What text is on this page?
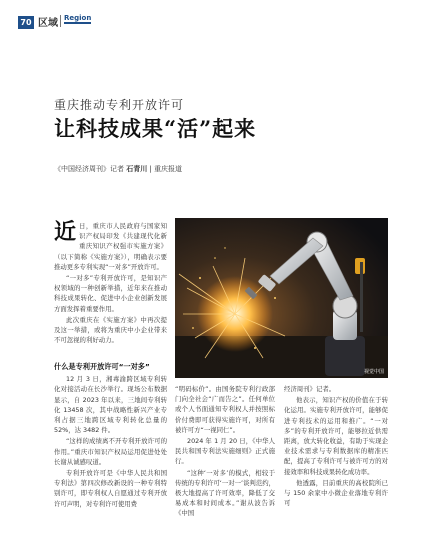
70 区域 Region
重庆推动专利开放许可
让科技成果“活”起来
《中国经济周刊》记者 石青川 | 重庆报道
视觉中国

近日，重庆市人民政府与国家知识产权局印发《共建现代化新重庆知识产权强市实施方案》（以下简称《实施方案》），明确表示要推动更多专利实现“一对多”开放许可。

“一对多”专利开放许可，是知识产权领域的一种创新举措，近年来在推动科技成果转化、促进中小企业创新发展方面发挥着重要作用。

此次重庆在《实施方案》中再次提及这一举措，或将为重庆中小企业带来不可忽视的利好动力。

什么是专利开放许可“一对多”

12 月 3 日，湘毒渝跨区域专利转化对接活动在长沙举行。现场公布数据显示，自 2023 年以来，三地间专利转化 13458 次，其中战略性新兴产业专利占据三地跨区域专利转化总量的 52%，达 3482 件。

“这样的成绩离不开专利开放许可的作用。”重庆市知识产权局运用促进处处长谢从诚感叹道。

专利开放许可是《中华人民共和国专利法》第四次修改新设的一种专利特别许可，即专利权人自愿通过专利开放许可声明，对专利许可使用费

“明码标价”。由国务院专利行政部门向全社会“广而告之”。任何单位或个人书面通知专利权人并按照标价付费即可获得实施许可，对所有被许可方“一视同仁”。

2024 年 1 月 20 日，《中华人民共和国专利法实施细则》正式施行。

“这种‘一对多’的模式，相较于传统的专利许可‘一对一’谈判范约，极大地提高了许可效率，降低了交易成本和时间成本。”谢从波告诉《中国

经济周刊》记者。

他表示，知识产权的价值在于转化运用。实施专利开放许可，能够促进专利技术的运用和推广。“一对多”的专利开放许可，能够拉近供需距离，放大转化收益，有助于实现企业技术需求与专利数据库的精准匹配，提高了专利许可与被许可方的对接效率和科技成果转化成功率。

他透露，目前重庆的高校院所已与 150 余家中小微企业落地专利许可
